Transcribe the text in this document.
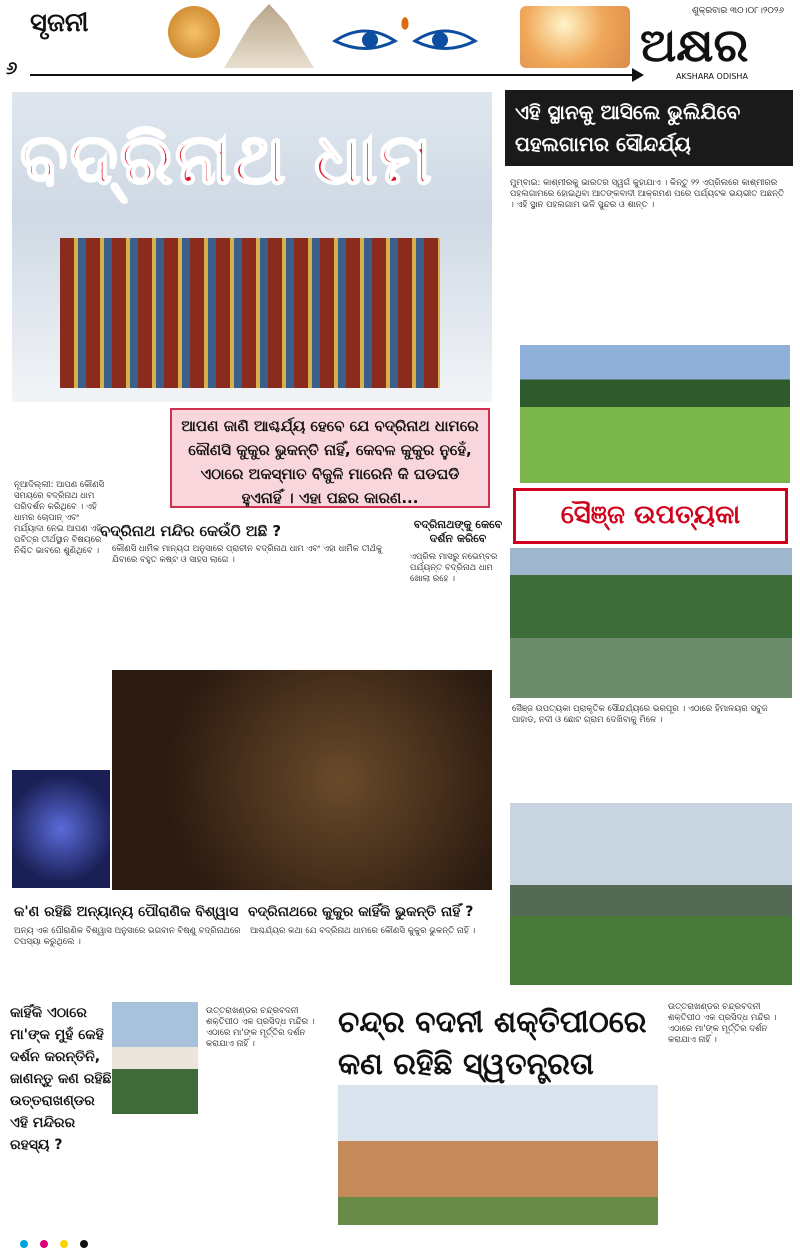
ସୃଜନୀ
୬
ଶୁକ୍ରବାର ୩୦।୦୮।୨୦୨୬
ଅକ୍ଷର
AKSHARA ODISHA
ବଦ୍ରିନାଥ ଧାମ
ଆପଣ ଜାଣି ଆଶ୍ଚର୍ଯ୍ୟ ହେବେ ଯେ ବଦ୍ରିନାଥ ଧାମରେ କୌଣସି କୁକୁର ଭୁକନ୍ତି ନାହିଁ, କେବଳ କୁକୁର ନୁହେଁ, ଏଠାରେ ଅକସ୍ମାତ ବିଜୁଳି ମାରେନି କି ଘଡଘଡି ହୁଏନାହିଁ । ଏହା ପଛର କାରଣ...
ଏହି ସ୍ଥାନକୁ ଆସିଲେ ଭୁଲିଯିବେ ପହଲଗାମର ସୌନ୍ଦର୍ଯ୍ୟ
ମୁମ୍ବାଇ: କାଶ୍ମୀରକୁ ଭାରତର ସ୍ୱର୍ଗ କୁହାଯାଏ । କିନ୍ତୁ ୨୨ ଏପ୍ରିଲରେ କାଶ୍ମୀରର ପହଲଗାମରେ ହୋଇଥିବା ଆତଙ୍କବାଦୀ ଆକ୍ରମଣ ପରେ ପର୍ଯ୍ୟଟକ ଭୟଭୀତ ଅଛନ୍ତି । ଏହି ସ୍ଥାନ ପହଲଗାମ ଭଳି ସୁନ୍ଦର ଓ ଶାନ୍ତ ।
ସୈଞ୍ଜ ଉପତ୍ୟକା
ସୈଞ୍ଜ ଉପତ୍ୟକା ପ୍ରାକୃତିକ ସୌନ୍ଦର୍ଯ୍ୟରେ ଭରପୂର । ଏଠାରେ ହିମାଳୟର ସବୁଜ ପାହାଡ, ନଦୀ ଓ ଛୋଟ ଗ୍ରାମ ଦେଖିବାକୁ ମିଳେ ।
ନୂଆଦିଲ୍ଲୀ: ଆପଣ କୌଣସି ସମୟରେ ବଦ୍ରିନାଥ ଧାମ ପରିଦର୍ଶନ କରିଥିବେ । ଏହି ଧାମର ଚୋପାନ୍ ଏବଂ ମର୍ଯ୍ୟାଦା ନେଇ ଆପଣ ଏହି ପବିତ୍ର ତୀର୍ଥସ୍ଥାନ ବିଷୟରେ ନିଶ୍ଚିତ ଭାବରେ ଶୁଣିଥିବେ ।
ବଦ୍ରିନାଥ ମନ୍ଦିର କେଉଁଠି ଅଛି ?
କୌଣସି ଧାର୍ମିକ ମାନ୍ୟତା ଅନୁସାରେ ପ୍ରାଚୀନ ବଦ୍ରିନାଥ ଧାମ ଏବଂ ଏହା ଧାର୍ମିକ ତୀର୍ଥକୁ ଯିବାରେ ବହୁତ କଷ୍ଟ ଓ ସାହସ ଲାଗେ ।
ବଦ୍ରିନାଥଙ୍କୁ କେବେ ଦର୍ଶନ କରିବେ
ଏପ୍ରିଲ ମାସରୁ ନଭେମ୍ବର ପର୍ଯ୍ୟନ୍ତ ବଦ୍ରିନାଥ ଧାମ ଖୋଲା ରହେ ।
କ'ଣ ରହିଛି ଅନ୍ୟାନ୍ୟ ପୌରାଣିକ ବିଶ୍ୱାସ
ଅନ୍ୟ ଏକ ପୌରାଣିକ ବିଶ୍ୱାସ ଅନୁସାରେ ଭଗବାନ ବିଷ୍ଣୁ ବଦ୍ରିନାଥରେ ତପସ୍ୟା କରୁଥିଲେ ।
ବଦ୍ରିନାଥରେ କୁକୁର କାହିଁକି ଭୁକନ୍ତି ନାହିଁ ?
ଆଶ୍ଚର୍ଯ୍ୟର କଥା ଯେ ବଦ୍ରିନାଥ ଧାମରେ କୌଣସି କୁକୁର ଭୁକନ୍ତି ନାହିଁ ।
କାହିଁକି ଏଠାରେ ମା'ଙ୍କ ମୁହଁ କେହି ଦର୍ଶନ କରନ୍ତିନି, ଜାଣନ୍ତୁ କଣ ରହିଛି ଉତ୍ତରାଖଣ୍ଡର ଏହି ମନ୍ଦିରର ରହସ୍ୟ ?
ଉତ୍ତରାଖଣ୍ଡର ଚନ୍ଦ୍ରବଦନୀ ଶକ୍ତିପୀଠ ଏକ ପ୍ରସିଦ୍ଧ ମନ୍ଦିର । ଏଠାରେ ମା'ଙ୍କ ମୂର୍ତ୍ତିର ଦର୍ଶନ କରାଯାଏ ନାହିଁ ।
ଚନ୍ଦ୍ର ବଦନୀ ଶକ୍ତିପୀଠରେ କଣ ରହିଛି ସ୍ୱତନ୍ତ୍ରତା
ଉତ୍ତରାଖଣ୍ଡର ଚନ୍ଦ୍ରବଦନୀ ଶକ୍ତିପୀଠ ଏକ ପ୍ରସିଦ୍ଧ ମନ୍ଦିର । ଏଠାରେ ମା'ଙ୍କ ମୂର୍ତ୍ତିର ଦର୍ଶନ କରାଯାଏ ନାହିଁ ।
